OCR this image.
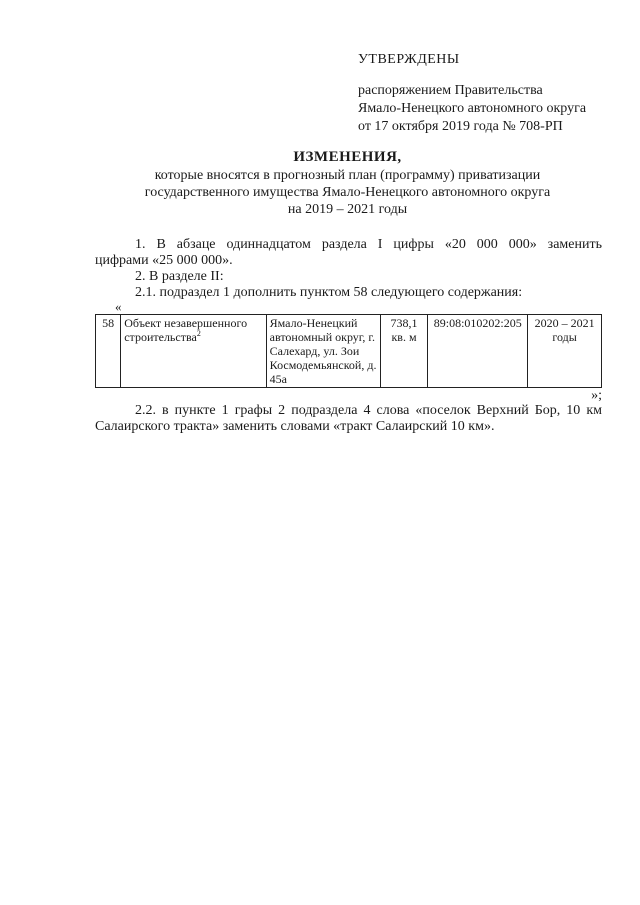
УТВЕРЖДЕНЫ
распоряжением Правительства
Ямало-Ненецкого автономного округа
от 17 октября 2019 года № 708-РП
ИЗМЕНЕНИЯ,
которые вносятся в прогнозный план (программу) приватизации
государственного имущества Ямало-Ненецкого автономного округа
на 2019 – 2021 годы
1. В абзаце одиннадцатом раздела I цифры «20 000 000» заменить
цифрами «25 000 000».
2. В разделе II:
2.1. подраздел 1 дополнить пунктом 58 следующего содержания:
«
58	Объект незавершенного строительства$^2$	Ямало-Ненецкий автономный округ, г. Салехард, ул. Зои Космодемьянской, д. 45а	738,1 кв. м	89:08:010202:205	2020 – 2021 годы
»;
2.2. в пункте 1 графы 2 подраздела 4 слова «поселок Верхний Бор, 10 км
Салаирского тракта» заменить словами «тракт Салаирский 10 км».
